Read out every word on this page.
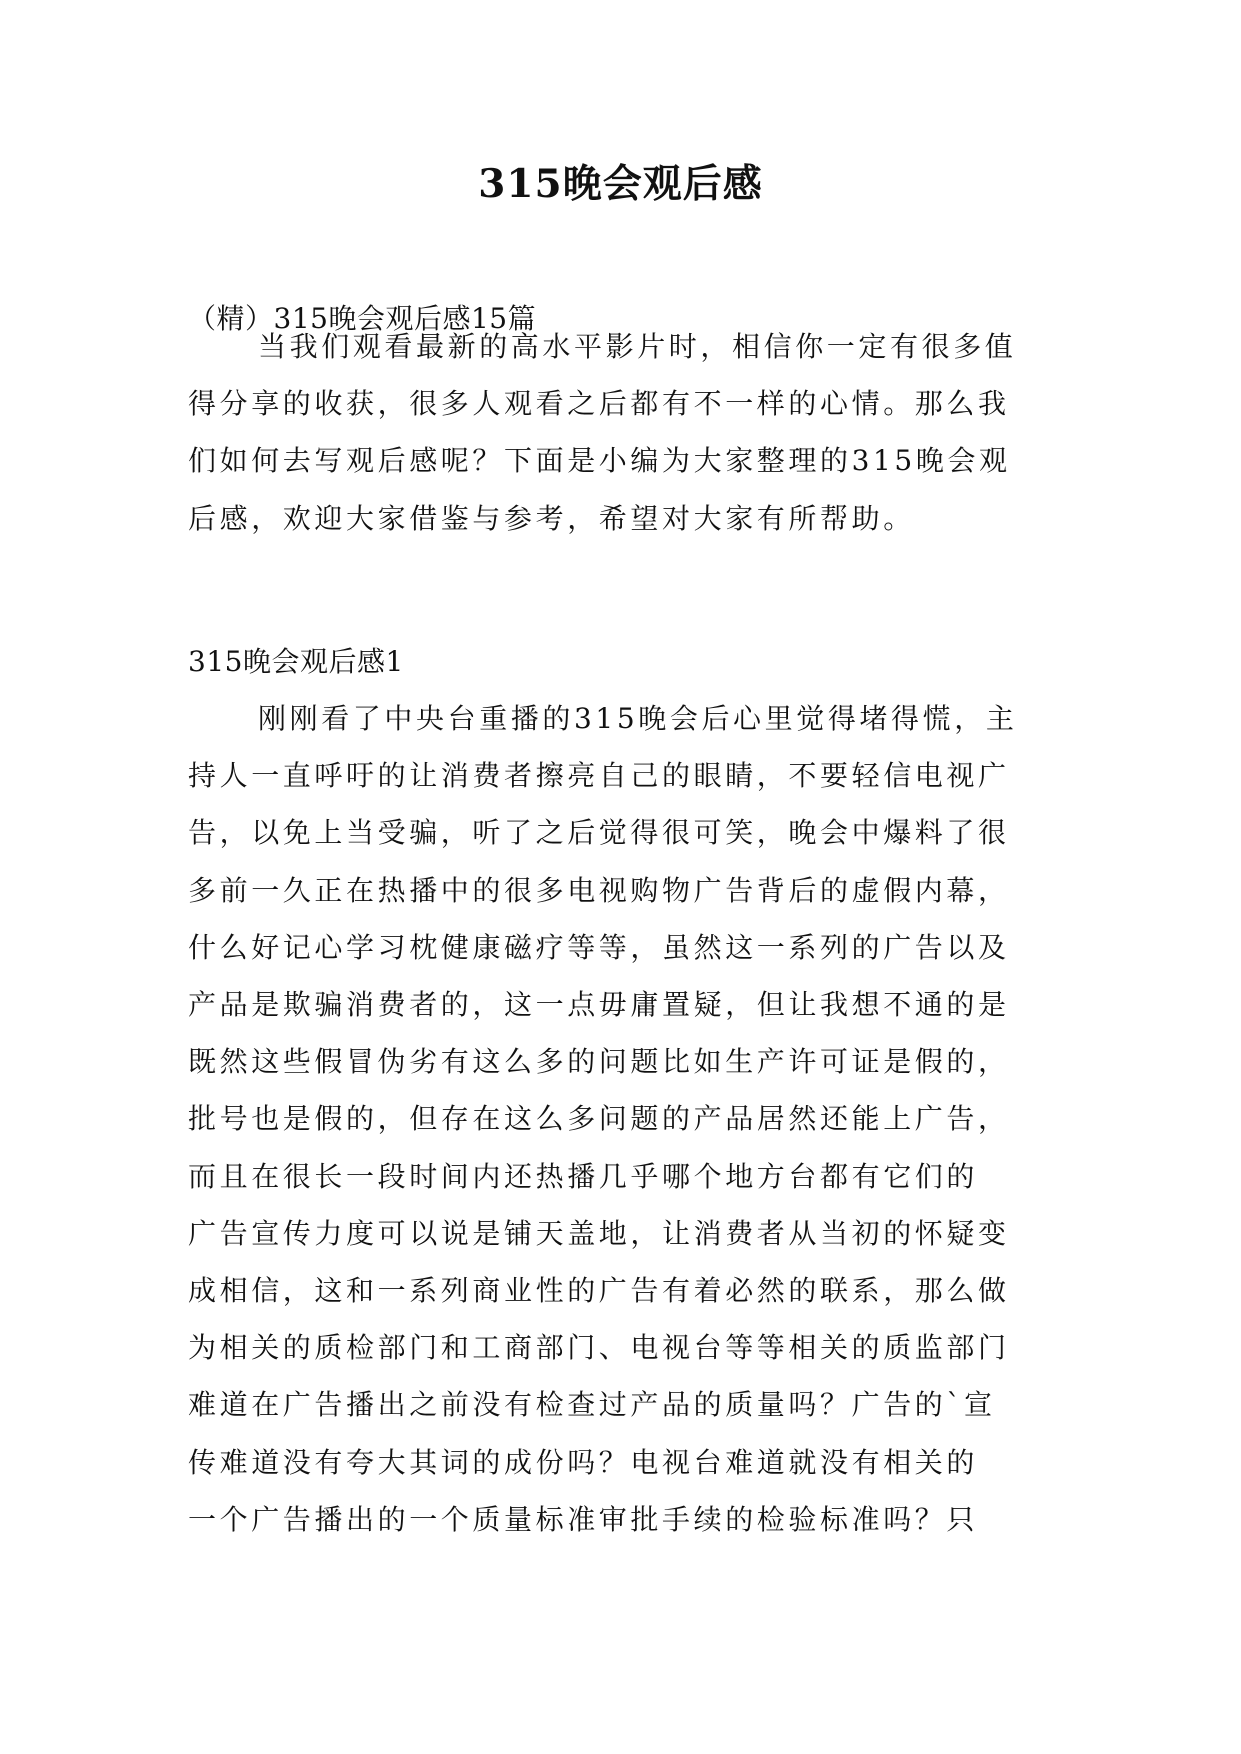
315晚会观后感

（精）315晚会观后感15篇

当我们观看最新的高水平影片时，相信你一定有很多值
得分享的收获，很多人观看之后都有不一样的心情。那么我
们如何去写观后感呢？下面是小编为大家整理的315晚会观
后感，欢迎大家借鉴与参考，希望对大家有所帮助。

315晚会观后感1

刚刚看了中央台重播的315晚会后心里觉得堵得慌，主
持人一直呼吁的让消费者擦亮自己的眼睛，不要轻信电视广
告，以免上当受骗，听了之后觉得很可笑，晚会中爆料了很
多前一久正在热播中的很多电视购物广告背后的虚假内幕，
什么好记心学习枕健康磁疗等等，虽然这一系列的广告以及
产品是欺骗消费者的，这一点毋庸置疑，但让我想不通的是
既然这些假冒伪劣有这么多的问题比如生产许可证是假的，
批号也是假的，但存在这么多问题的产品居然还能上广告，
而且在很长一段时间内还热播几乎哪个地方台都有它们的
广告宣传力度可以说是铺天盖地，让消费者从当初的怀疑变
成相信，这和一系列商业性的广告有着必然的联系，那么做
为相关的质检部门和工商部门、电视台等等相关的质监部门
难道在广告播出之前没有检查过产品的质量吗？广告的`宣
传难道没有夸大其词的成份吗？电视台难道就没有相关的
一个广告播出的一个质量标准审批手续的检验标准吗？只
